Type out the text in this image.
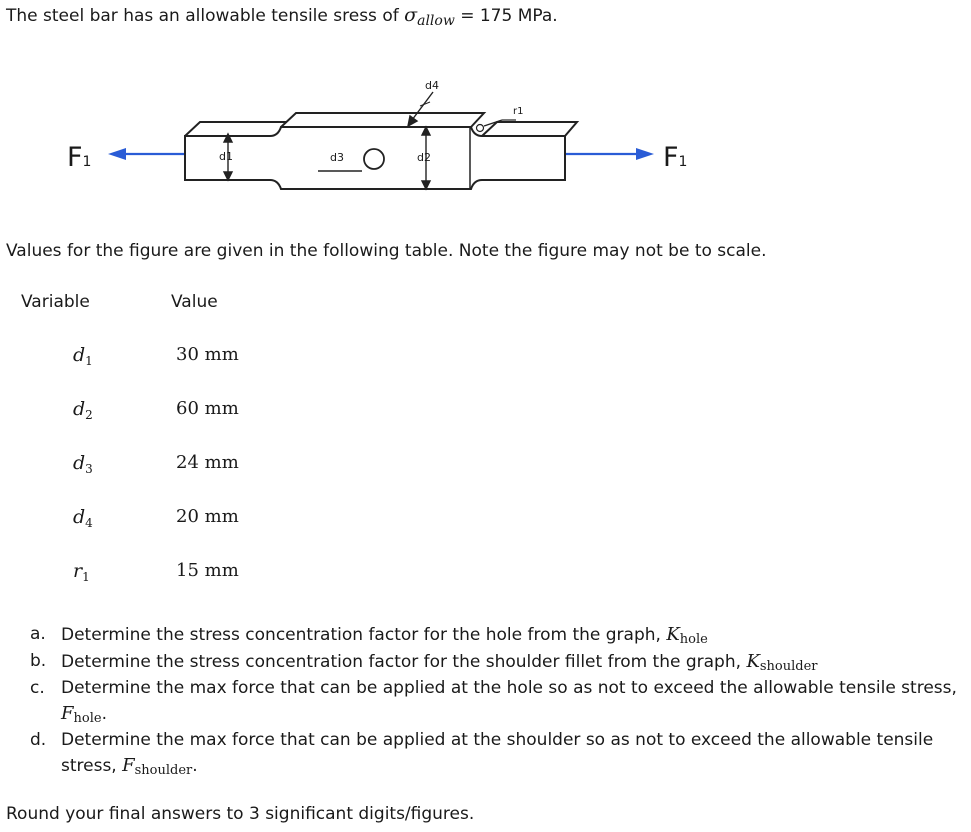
The steel bar has an allowable tensile sress of $\sigma_{allow} = 175$ MPa.
F1	F1
d1	d3	d2
d4
r1
Values for the figure are given in the following table. Note the figure may not be to scale.
Variable	Value
$d_1$	30 mm
$d_2$	60 mm
$d_3$	24 mm
$d_4$	20 mm
$r_1$	15 mm
a. Determine the stress concentration factor for the hole from the graph, Khole
b. Determine the stress concentration factor for the shoulder fillet from the graph, Kshoulder
c. Determine the max force that can be applied at the hole so as not to exceed the allowable tensile stress, Fhole.
d. Determine the max force that can be applied at the shoulder so as not to exceed the allowable tensile stress, Fshoulder.
Round your final answers to 3 significant digits/figures.
